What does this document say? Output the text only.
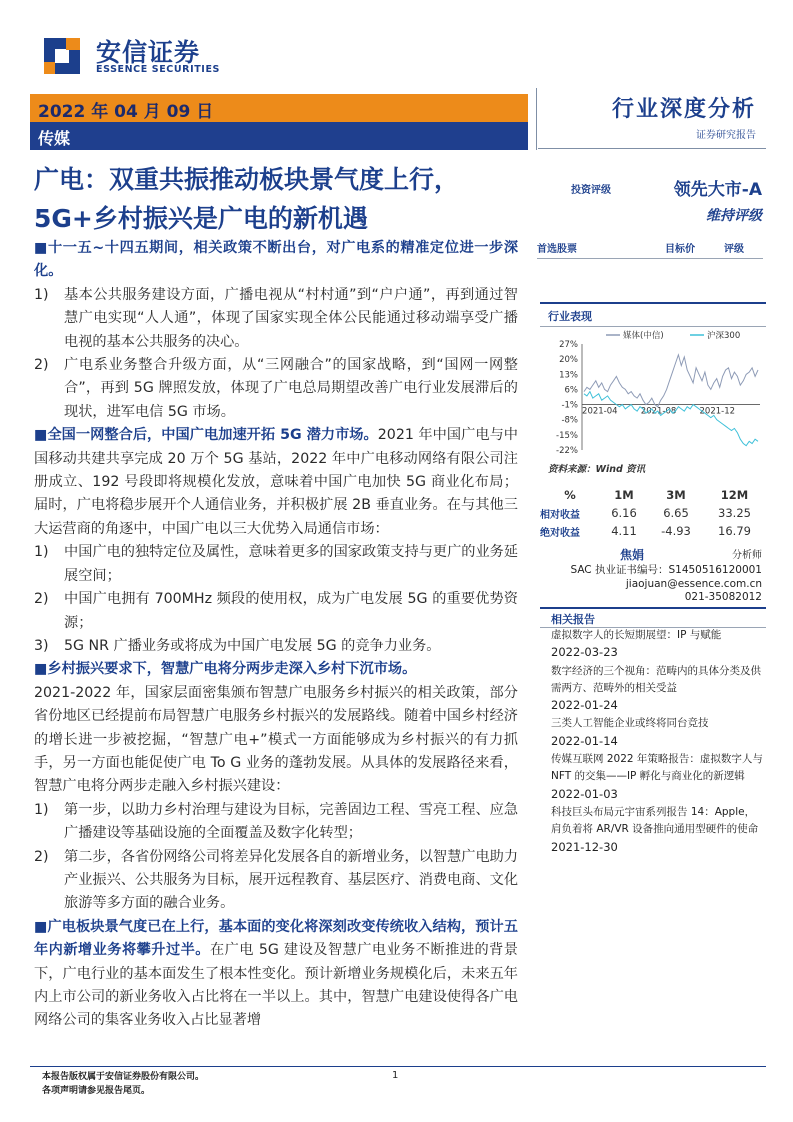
安信证券
ESSENCE SECURITIES
2022 年 04 月 09 日
传媒
行业深度分析
证券研究报告
广电：双重共振推动板块景气度上行，
5G+乡村振兴是广电的新机遇
投资评级	领先大市-A
维持评级
首选股票	目标价	评级
行业表现
27%
20%
13%
6%
-1%
-8%
-15%
-22%
2021-04	2021-08	2021-12
媒体(中信)	沪深300
资料来源：Wind 资讯
%	1M	3M	12M
相对收益	6.16	6.65	33.25
绝对收益	4.11	-4.93	16.79
焦娟	分析师
SAC 执业证书编号：S1450516120001
jiaojuan@essence.com.cn
021-35082012
相关报告
虚拟数字人的长短期展望：IP 与赋能
2022-03-23
数字经济的三个视角：范畴内的具体分类及供需两方、范畴外的相关受益
2022-01-24
三类人工智能企业或终将同台竞技
2022-01-14
传媒互联网 2022 年策略报告：虚拟数字人与 NFT 的交集——IP 孵化与商业化的新逻辑 2022-01-03
科技巨头布局元宇宙系列报告 14：Apple，肩负着将 AR/VR 设备推向通用型硬件的使命 2021-12-30

■十一五~十四五期间，相关政策不断出台，对广电系的精准定位进一步深化。

1)	基本公共服务建设方面，广播电视从“村村通”到“户户通”，再到通过智慧广电实现“人人通”，体现了国家实现全体公民能通过移动端享受广播电视的基本公共服务的决心。
2)	广电系业务整合升级方面，从“三网融合”的国家战略，到“国网一网整合”，再到 5G 牌照发放，体现了广电总局期望改善广电行业发展滞后的现状，进军电信 5G 市场。

■全国一网整合后，中国广电加速开拓 5G 潜力市场。2021 年中国广电与中国移动共建共享完成 20 万个 5G 基站，2022 年中广电移动网络有限公司注册成立、192 号段即将规模化发放，意味着中国广电加快 5G 商业化布局；届时，广电将稳步展开个人通信业务，并积极扩展 2B 垂直业务。在与其他三大运营商的角逐中，中国广电以三大优势入局通信市场：

1)	中国广电的独特定位及属性，意味着更多的国家政策支持与更广的业务延展空间；
2)	中国广电拥有 700MHz 频段的使用权，成为广电发展 5G 的重要优势资源；
3)	5G NR 广播业务或将成为中国广电发展 5G 的竞争力业务。

■乡村振兴要求下，智慧广电将分两步走深入乡村下沉市场。
2021-2022 年，国家层面密集颁布智慧广电服务乡村振兴的相关政策，部分省份地区已经提前布局智慧广电服务乡村振兴的发展路线。随着中国乡村经济的增长进一步被挖掘，“智慧广电+”模式一方面能够成为乡村振兴的有力抓手，另一方面也能促使广电 To G 业务的蓬勃发展。从具体的发展路径来看，智慧广电将分两步走融入乡村振兴建设：

1)	第一步，以助力乡村治理与建设为目标，完善固边工程、雪亮工程、应急广播建设等基础设施的全面覆盖及数字化转型；
2)	第二步，各省份网络公司将差异化发展各自的新增业务，以智慧广电助力产业振兴、公共服务为目标，展开远程教育、基层医疗、消费电商、文化旅游等多方面的融合业务。

■广电板块景气度已在上行，基本面的变化将深刻改变传统收入结构，预计五年内新增业务将攀升过半。在广电 5G 建设及智慧广电业务不断推进的背景下，广电行业的基本面发生了根本性变化。预计新增业务规模化后，未来五年内上市公司的新业务收入占比将在一半以上。其中，智慧广电建设使得各广电网络公司的集客业务收入占比显著增

本报告版权属于安信证券股份有限公司。
各项声明请参见报告尾页。
1
